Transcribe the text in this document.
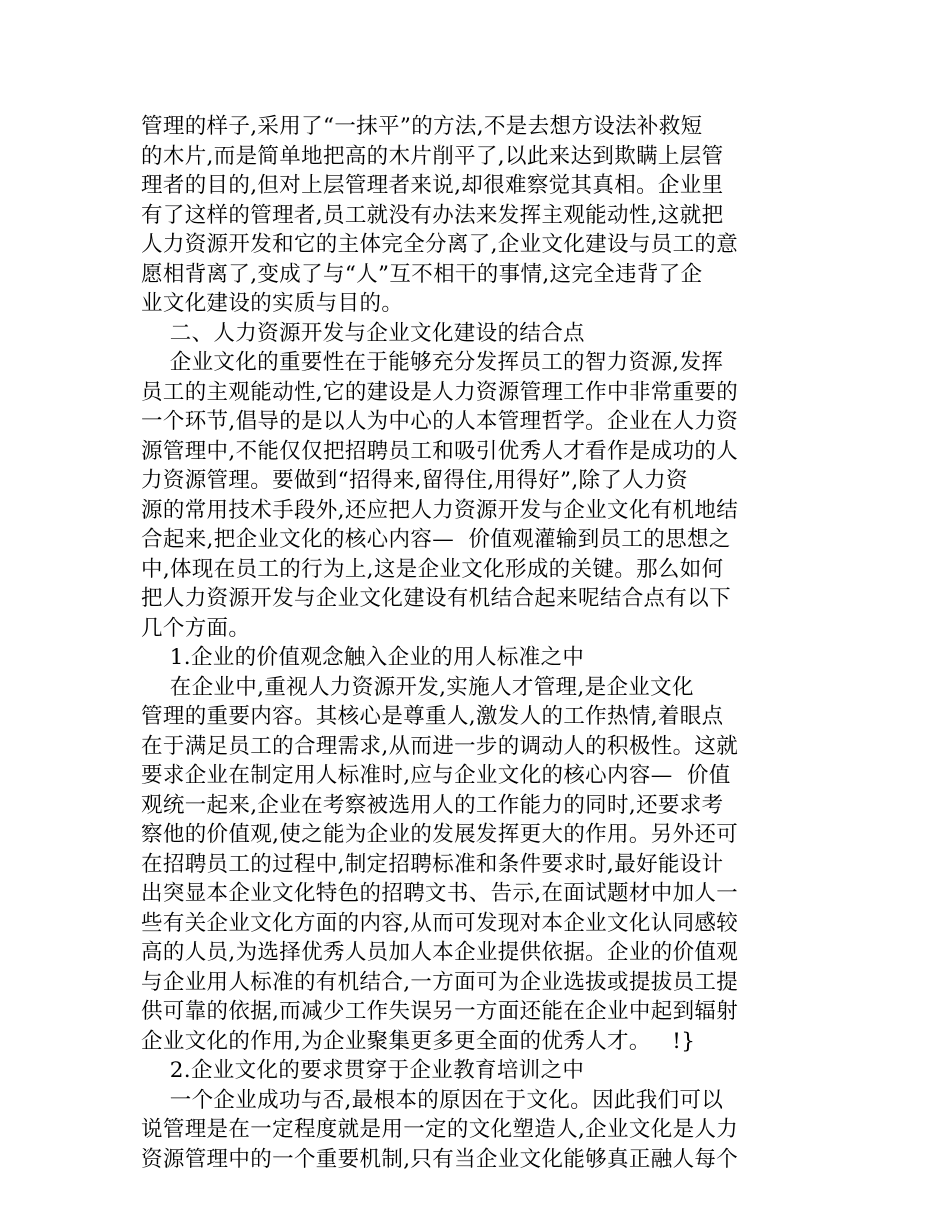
管理的样子,采用了“一抹平”的方法,不是去想方设法补救短
的木片,而是简单地把高的木片削平了,以此来达到欺瞒上层管
理者的目的,但对上层管理者来说,却很难察觉其真相。企业里
有了这样的管理者,员工就没有办法来发挥主观能动性,这就把
人力资源开发和它的主体完全分离了,企业文化建设与员工的意
愿相背离了,变成了与“人”互不相干的事情,这完全违背了企
业文化建设的实质与目的。
二、人力资源开发与企业文化建设的结合点
企业文化的重要性在于能够充分发挥员工的智力资源,发挥
员工的主观能动性,它的建设是人力资源管理工作中非常重要的
一个环节,倡导的是以人为中心的人本管理哲学。企业在人力资
源管理中,不能仅仅把招聘员工和吸引优秀人才看作是成功的人
力资源管理。要做到“招得来,留得住,用得好”,除了人力资
源的常用技术手段外,还应把人力资源开发与企业文化有机地结
合起来,把企业文化的核心内容—  价值观灌输到员工的思想之
中,体现在员工的行为上,这是企业文化形成的关键。那么如何
把人力资源开发与企业文化建设有机结合起来呢结合点有以下
几个方面。
1.企业的价值观念触入企业的用人标准之中
在企业中,重视人力资源开发,实施人才管理,是企业文化
管理的重要内容。其核心是尊重人,激发人的工作热情,着眼点
在于满足员工的合理需求,从而进一步的调动人的积极性。这就
要求企业在制定用人标准时,应与企业文化的核心内容—  价值
观统一起来,企业在考察被选用人的工作能力的同时,还要求考
察他的价值观,使之能为企业的发展发挥更大的作用。另外还可
在招聘员工的过程中,制定招聘标准和条件要求时,最好能设计
出突显本企业文化特色的招聘文书、告示,在面试题材中加人一
些有关企业文化方面的内容,从而可发现对本企业文化认同感较
高的人员,为选择优秀人员加人本企业提供依据。企业的价值观
与企业用人标准的有机结合,一方面可为企业选拔或提拔员工提
供可靠的依据,而减少工作失误另一方面还能在企业中起到辐射
企业文化的作用,为企业聚集更多更全面的优秀人才。   !}
2.企业文化的要求贯穿于企业教育培训之中
一个企业成功与否,最根本的原因在于文化。因此我们可以
说管理是在一定程度就是用一定的文化塑造人,企业文化是人力
资源管理中的一个重要机制,只有当企业文化能够真正融人每个
